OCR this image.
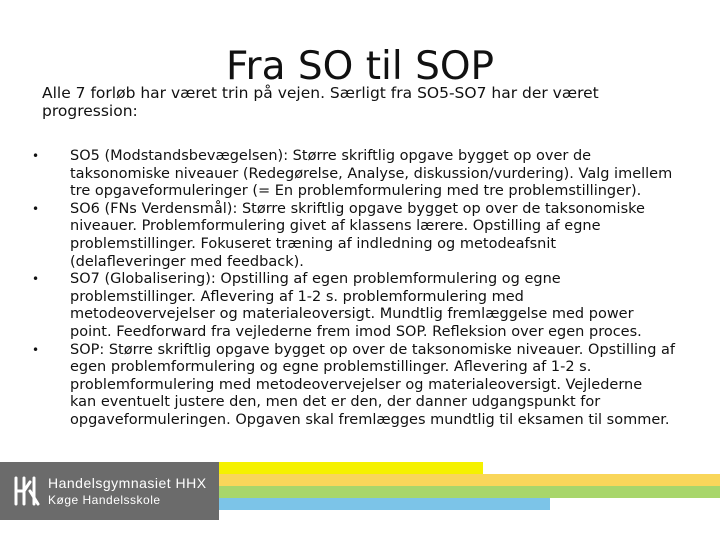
Fra SO til SOP
Alle 7 forløb har været trin på vejen. Særligt fra SO5-SO7 har der været
progression:
• SO5 (Modstandsbevægelsen): Større skriftlig opgave bygget op over de
taksonomiske niveauer (Redegørelse, Analyse, diskussion/vurdering). Valg imellem
tre opgaveformuleringer (= En problemformulering med tre problemstillinger).
• SO6 (FNs Verdensmål): Større skriftlig opgave bygget op over de taksonomiske
niveauer. Problemformulering givet af klassens lærere. Opstilling af egne
problemstillinger. Fokuseret træning af indledning og metodeafsnit
(delafleveringer med feedback).
• SO7 (Globalisering): Opstilling af egen problemformulering og egne
problemstillinger. Aflevering af 1-2 s. problemformulering med
metodeovervejelser og materialeoversigt. Mundtlig fremlæggelse med power
point. Feedforward fra vejlederne frem imod SOP. Refleksion over egen proces.
• SOP: Større skriftlig opgave bygget op over de taksonomiske niveauer. Opstilling af
egen problemformulering og egne problemstillinger. Aflevering af 1-2 s.
problemformulering med metodeovervejelser og materialeoversigt. Vejlederne
kan eventuelt justere den, men det er den, der danner udgangspunkt for
opgaveformuleringen. Opgaven skal fremlægges mundtlig til eksamen til sommer.
Handelsgymnasiet HHX
Køge Handelsskole
